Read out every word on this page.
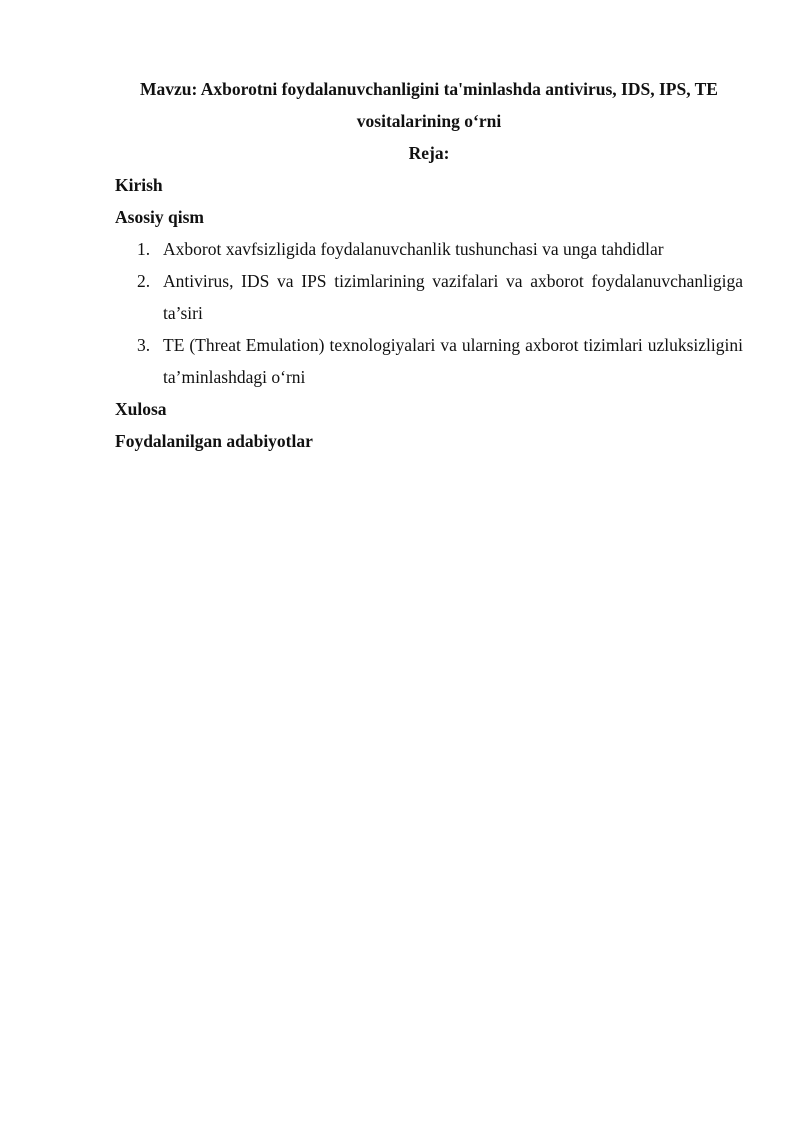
Mavzu: Axborotni foydalanuvchanligini ta'minlashda antivirus, IDS, IPS, TE vositalarining o‘rni

Reja:

Kirish

Asosiy qism

1. Axborot xavfsizligida foydalanuvchanlik tushunchasi va unga tahdidlar
2. Antivirus, IDS va IPS tizimlarining vazifalari va axborot foydalanuvchanligiga ta’siri
3. TE (Threat Emulation) texnologiyalari va ularning axborot tizimlari uzluksizligini ta’minlashdagi o‘rni

Xulosa

Foydalanilgan adabiyotlar
